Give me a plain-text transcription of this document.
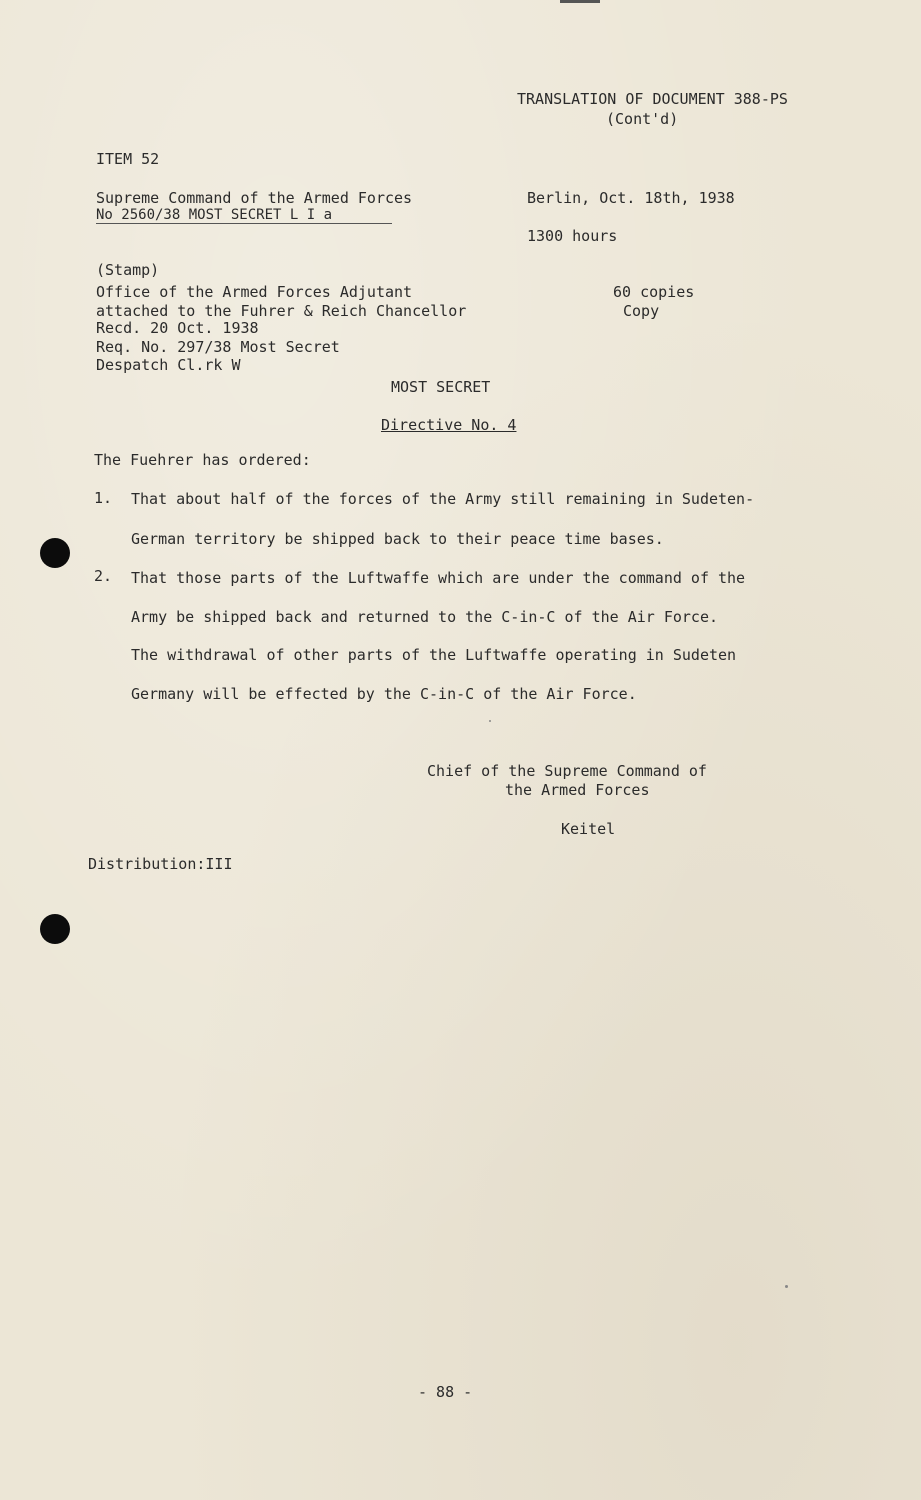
TRANSLATION OF DOCUMENT 388-PS
(Cont'd)
ITEM 52
Supreme Command of the Armed Forces
No 2560/38 MOST SECRET L I a
Berlin, Oct. 18th, 1938
1300 hours
(Stamp)
Office of the Armed Forces Adjutant
attached to the Fuhrer & Reich Chancellor
Recd. 20 Oct. 1938
Req. No. 297/38 Most Secret
Despatch Cl.rk W
60 copies
Copy
MOST SECRET
Directive No. 4
The Fuehrer has ordered:
1. That about half of the forces of the Army still remaining in Sudeten-
German territory be shipped back to their peace time bases.
2. That those parts of the Luftwaffe which are under the command of the
Army be shipped back and returned to the C-in-C of the Air Force.
The withdrawal of other parts of the Luftwaffe operating in Sudeten
Germany will be effected by the C-in-C of the Air Force.
Chief of the Supreme Command of
the Armed Forces
Keitel
Distribution:III
- 88 -
